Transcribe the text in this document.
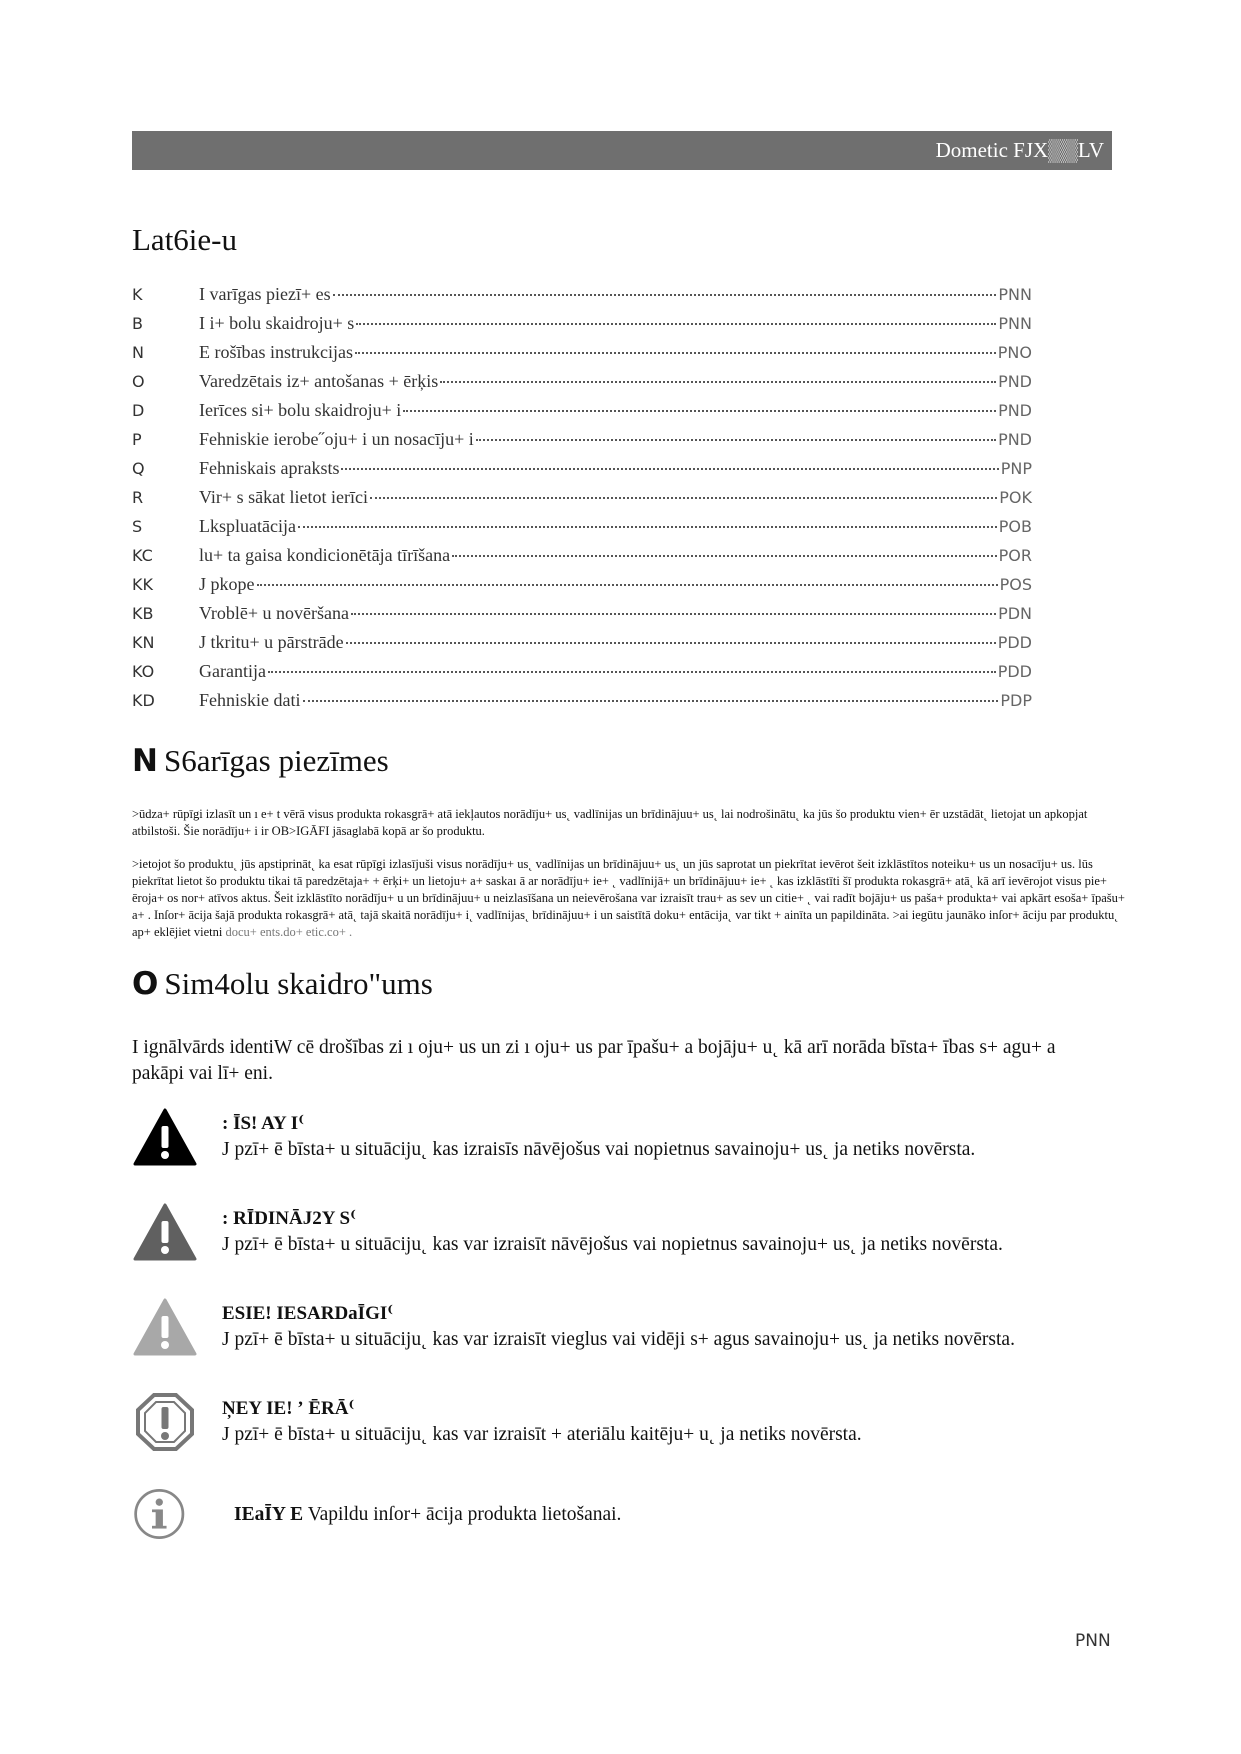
Dometic FJX▒▒LV
Lat6ie-u
K	I varīgas piezī+ es	PNN
B	I i+ bolu skaidroju+ s	PNN
N	E rošības instrukcijas	PNO
O	Varedzētais iz+ antošanas + ērķis	PND
D	Ierīces si+ bolu skaidroju+ i	PND
P	Fehniskie ierobe˝oju+ i un nosacīju+ i	PND
Q	Fehniskais apraksts	PNP
R	Vir+ s sākat lietot ierīci	POK
S	Lkspluatācija	POB
KC	lu+ ta gaisa kondicionētāja tīrīšana	POR
KK	J pkope	POS
KB	Vroblē+ u novēršana	PDN
KN	J tkritu+ u pārstrāde	PDD
KO	Garantija	PDD
KD	Fehniskie dati	PDP
N S6arīgas piezīmes

>ūdza+ rūpīgi izlasīt un ı e+ t vērā visus produkta rokasgrā+ atā iekļautos norādīju+ us˛ vadlīnijas un brīdinājuu+ us˛ lai nodrošinātu˛ ka jūs šo produktu vien+ ēr uzstādāt˛ lietojat un apkopjat atbilstoši. Šie norādīju+ i ir OB>IGĀFI jāsaglabā kopā ar šo produktu.

>ietojot šo produktu˛ jūs apstiprināt˛ ka esat rūpīgi izlasījuši visus norādīju+ us˛ vadlīnijas un brīdinājuu+ us˛ un jūs saprotat un piekrītat ievērot šeit izklāstītos noteiku+ us un nosacīju+ us. lūs piekrītat lietot šo produktu tikai tā paredzētaja+ + ērķi+ un lietoju+ a+ saskaı ā ar norādīju+ ie+ ˛ vadlīnijā+ un brīdinājuu+ ie+ ˛ kas izklāstīti šī produkta rokasgrā+ atā˛ kā arī ievērojot visus pie+ ēroja+ os nor+ atīvos aktus. Šeit izklāstīto norādīju+ u un brīdinājuu+ u neizlasīšana un neievērošana var izraisīt trau+ as sev un citie+ ˛ vai radīt bojāju+ us paša+ produkta+ vai apkārt esoša+ īpašu+ a+ . Inſor+ ācija šajā produkta rokasgrā+ atā˛ tajā skaitā norādīju+ i˛ vadlīnijas˛ brīdinājuu+ i un saistītā doku+ entācija˛ var tikt + ainīta un papildināta. >ai iegūtu jaunāko inſor+ āciju par produktu˛ ap+ eklējiet vietni docu+ ents.do+ etic.co+ .

O Sim4olu skaidro"ums

I ignālvārds identiW cē drošības zi ı oju+ us un zi ı oju+ us par īpašu+ a bojāju+ u˛ kā arī norāda bīsta+ ības s+ agu+ a pakāpi vai lī+ eni.

: ĪS! AY I⁽
J pzī+ ē bīsta+ u situāciju˛ kas izraisīs nāvējošus vai nopietnus savainoju+ us˛ ja netiks novērsta.
: RĪDINĀJ2Y S⁽
J pzī+ ē bīsta+ u situāciju˛ kas var izraisīt nāvējošus vai nopietnus savainoju+ us˛ ja netiks novērsta.
ESIE! IESARDaĪGI⁽
J pzī+ ē bīsta+ u situāciju˛ kas var izraisīt vieglus vai vidēji s+ agus savainoju+ us˛ ja netiks novērsta.
ŅEY IE! ʼ ĒRĀ⁽
J pzī+ ē bīsta+ u situāciju˛ kas var izraisīt + ateriālu kaitēju+ u˛ ja netiks novērsta.
IEaĪY E Vapildu inſor+ ācija produkta lietošanai.
PNN
